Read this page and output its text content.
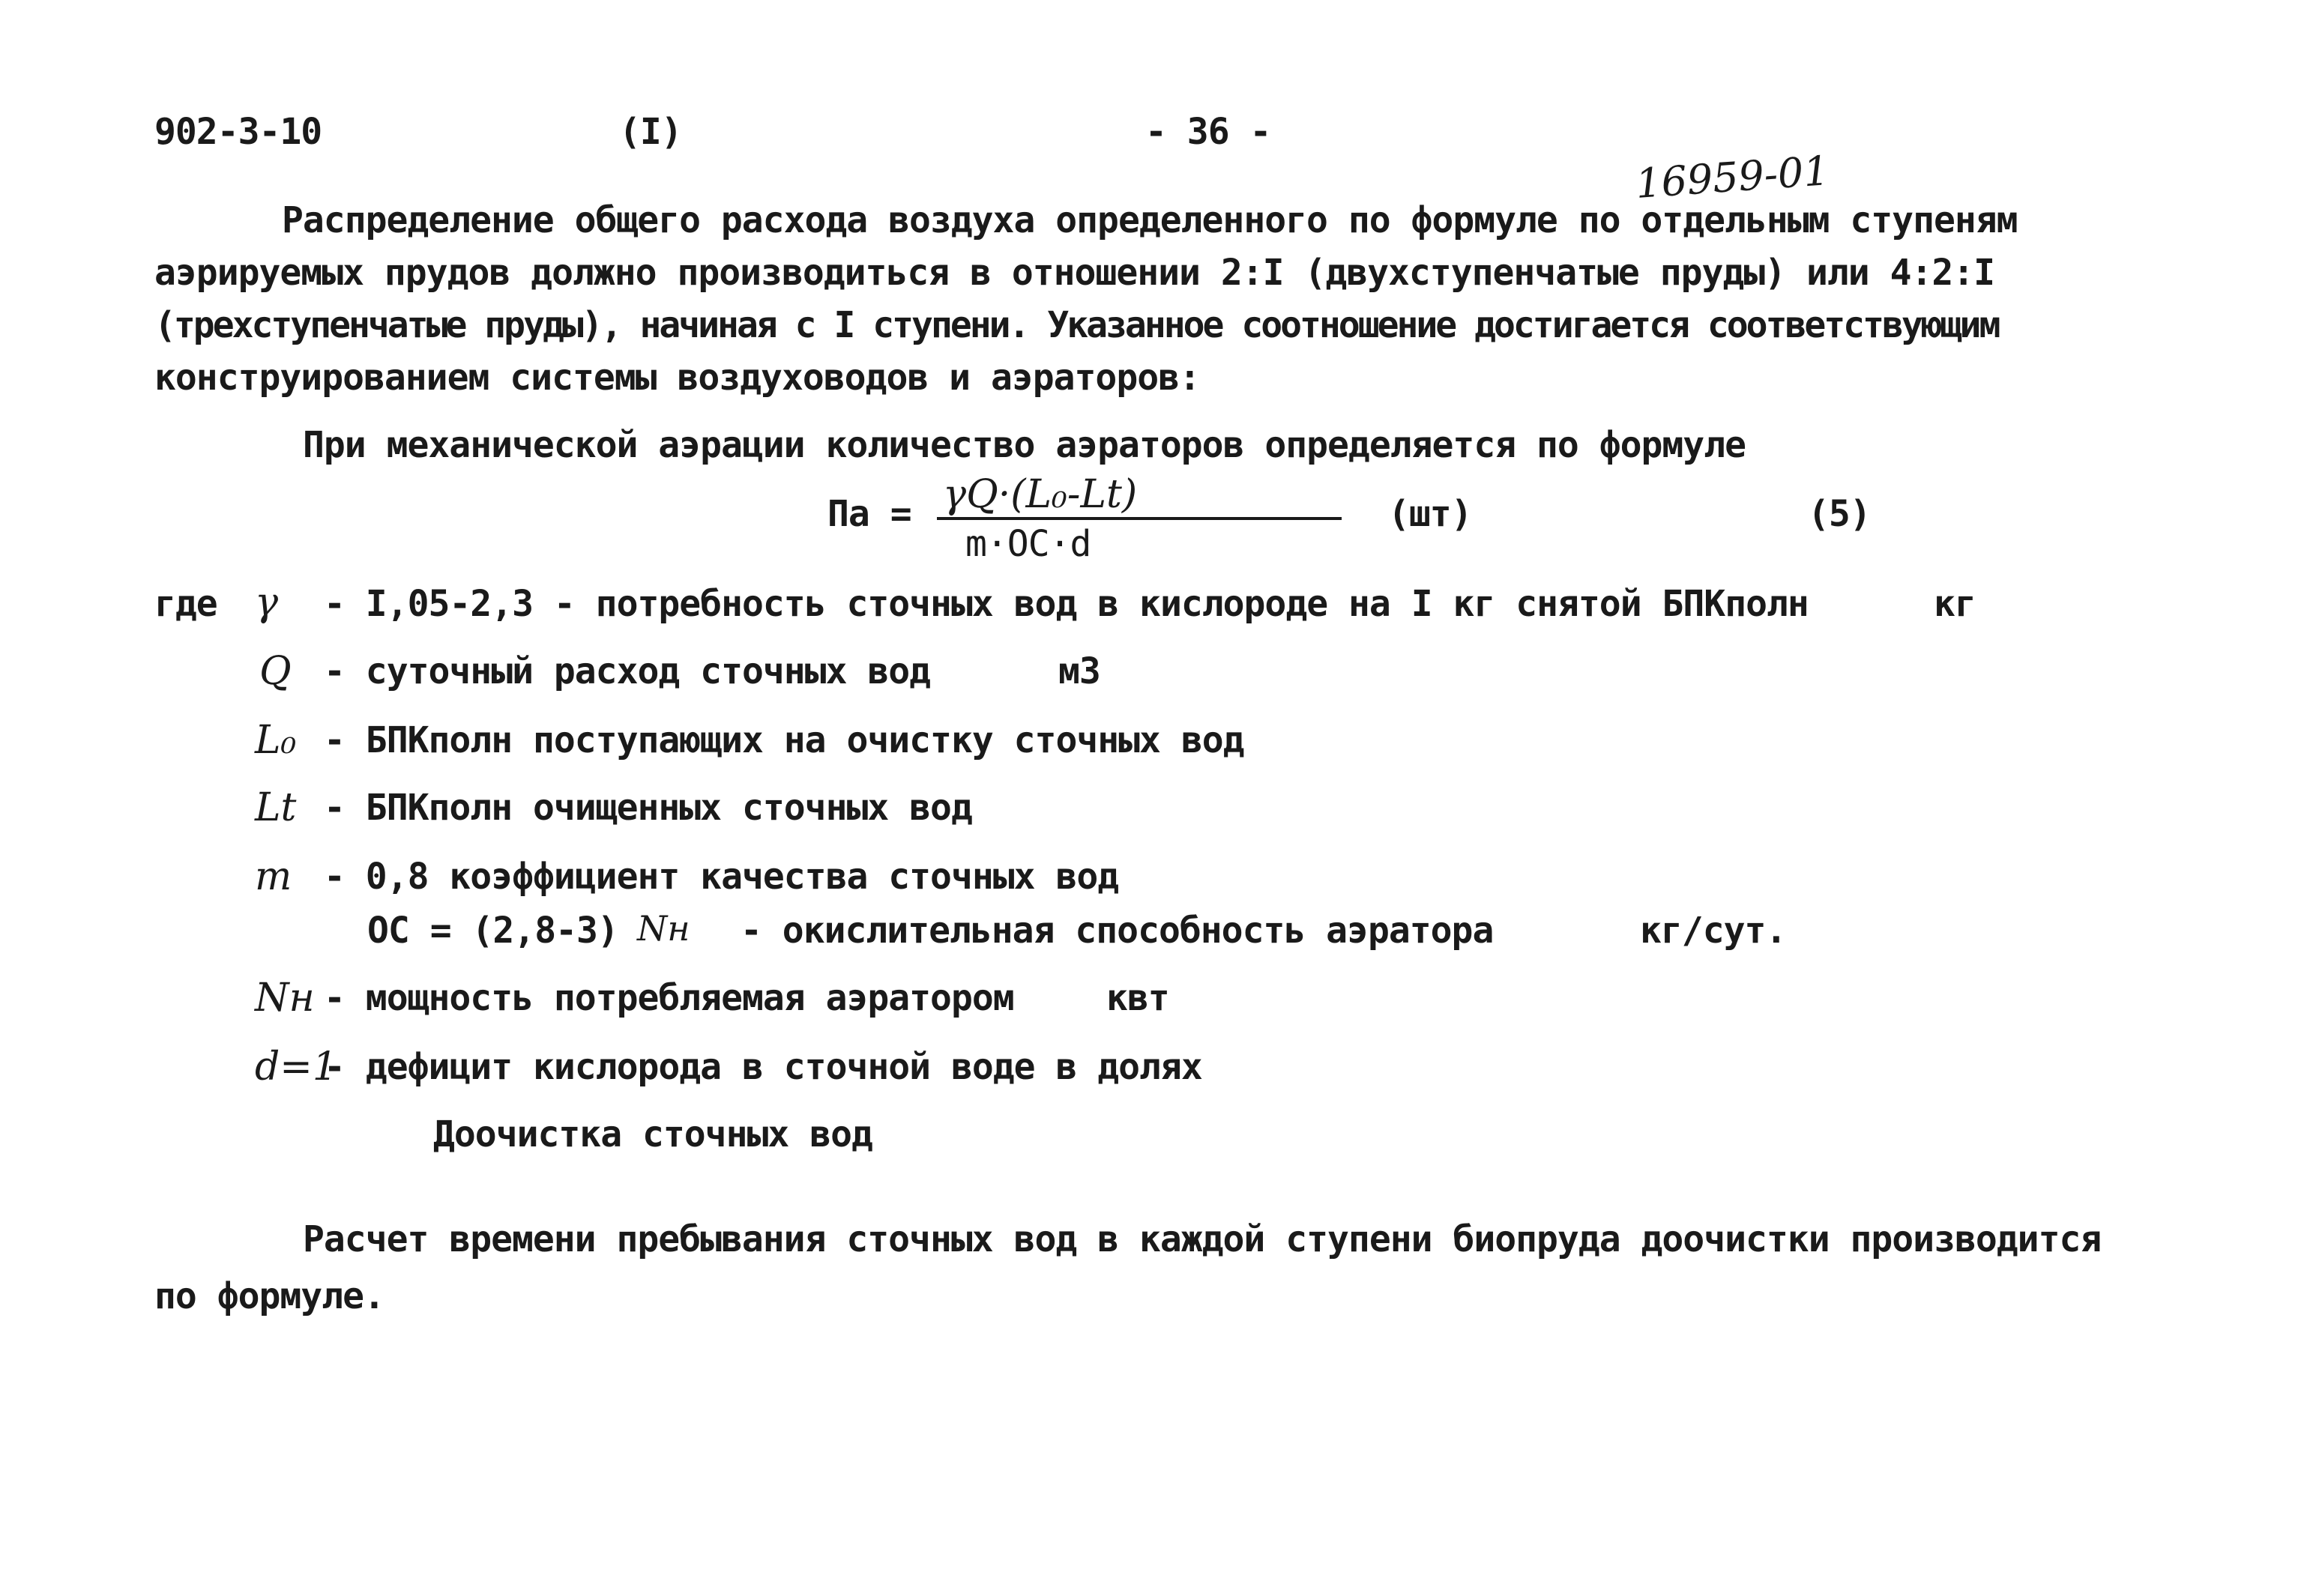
902-3-10	(I)	- 36 -
16959-01
Распределение общего расхода воздуха определенного по формуле по отдельным ступеням
аэрируемых прудов должно производиться в отношении 2:I (двухступенчатые пруды) или 4:2:I
(трехступенчатые пруды), начиная с I ступени. Указанное соотношение достигается соответствующим
конструированием системы воздуховодов и аэраторов:
При механической аэрации количество аэраторов определяется по формуле
Па = γQ·(L₀-Lt)
m·OC·d
(шт)	(5)
где γ - I,05-2,3 - потребность сточных вод в кислороде на I кг снятой БПКполн	кг
Q - суточный расход сточных вод	м3
L₀ - БПКполн поступающих на очистку сточных вод
Lt - БПКполн очищенных сточных вод
m - 0,8 коэффициент качества сточных вод
OC = (2,8-3) Nн - окислительная способность аэратора	кг/сут.
Nн - мощность потребляемая аэратором	квт
d=1
- дефицит кислорода в сточной воде в долях
Доочистка сточных вод
Расчет времени пребывания сточных вод в каждой ступени биопруда доочистки производится
по формуле.
